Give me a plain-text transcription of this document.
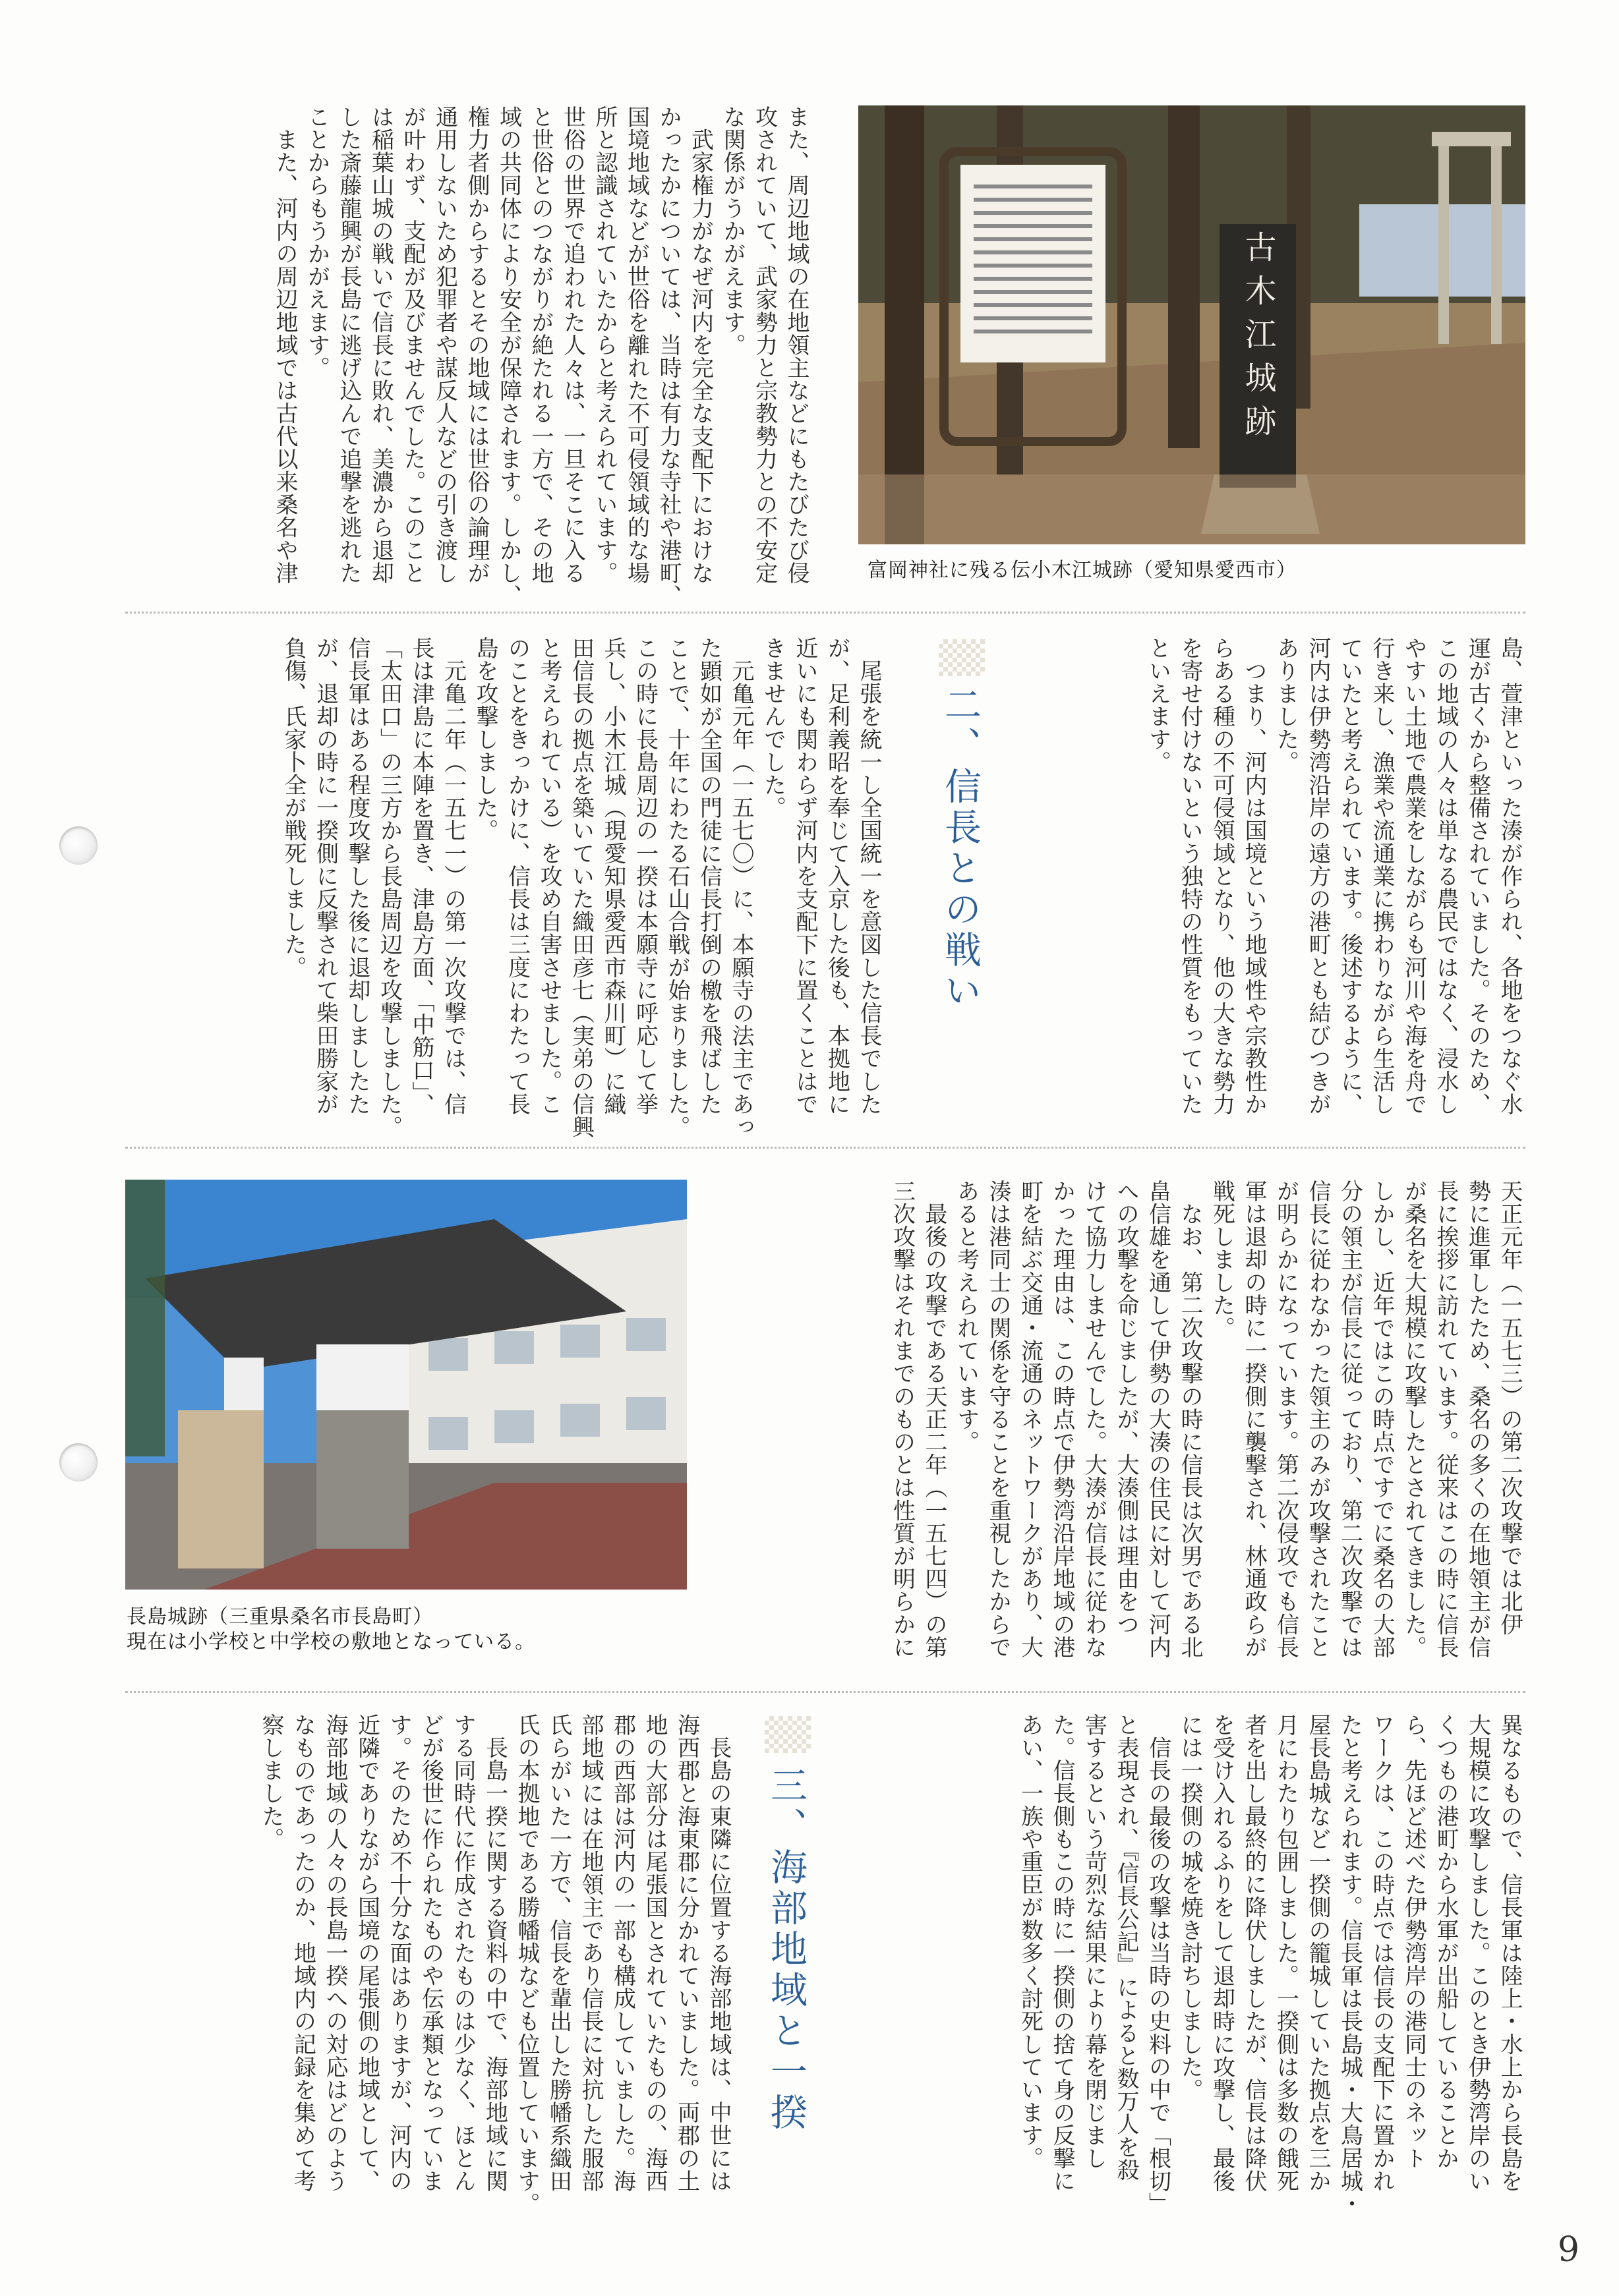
古木江城跡
富岡神社に残る伝小木江城跡（愛知県愛西市）
また、周辺地域の在地領主などにもたびたび侵
攻されていて、武家勢力と宗教勢力との不安定
な関係がうかがえます。
　武家権力がなぜ河内を完全な支配下におけな
かったかについては、当時は有力な寺社や港町、
国境地域などが世俗を離れた不可侵領域的な場
所と認識されていたからと考えられています。
世俗の世界で追われた人々は、一旦そこに入る
と世俗とのつながりが絶たれる一方で、その地
域の共同体により安全が保障されます。しかし、
権力者側からするとその地域には世俗の論理が
通用しないため犯罪者や謀反人などの引き渡し
が叶わず、支配が及びませんでした。このこと
は稲葉山城の戦いで信長に敗れ、美濃から退却
した斎藤龍興が長島に逃げ込んで追撃を逃れた
ことからもうかがえます。
　また、河内の周辺地域では古代以来桑名や津
島、萱津といった湊が作られ、各地をつなぐ水
運が古くから整備されていました。そのため、
この地域の人々は単なる農民ではなく、浸水し
やすい土地で農業をしながらも河川や海を舟で
行き来し、漁業や流通業に携わりながら生活し
ていたと考えられています。後述するように、
河内は伊勢湾沿岸の遠方の港町とも結びつきが
ありました。
　つまり、河内は国境という地域性や宗教性か
らある種の不可侵領域となり、他の大きな勢力
を寄せ付けないという独特の性質をもっていた
といえます。
二、信長との戦い
　尾張を統一し全国統一を意図した信長でした
が、足利義昭を奉じて入京した後も、本拠地に
近いにも関わらず河内を支配下に置くことはで
きませんでした。
　元亀元年（一五七〇）に、本願寺の法主であっ
た顕如が全国の門徒に信長打倒の檄を飛ばした
ことで、十年にわたる石山合戦が始まりました。
この時に長島周辺の一揆は本願寺に呼応して挙
兵し、小木江城（現愛知県愛西市森川町）に織
田信長の拠点を築いていた織田彦七（実弟の信興
と考えられている）を攻め自害させました。こ
のことをきっかけに、信長は三度にわたって長
島を攻撃しました。
　元亀二年（一五七一）の第一次攻撃では、信
長は津島に本陣を置き、津島方面、「中筋口」、
「太田口」の三方から長島周辺を攻撃しました。
信長軍はある程度攻撃した後に退却しましたた
が、退却の時に一揆側に反撃されて柴田勝家が
負傷、氏家卜全が戦死しました。
長島城跡（三重県桑名市長島町）
現在は小学校と中学校の敷地となっている。
天正元年（一五七三）の第二次攻撃では北伊
勢に進軍したため、桑名の多くの在地領主が信
長に挨拶に訪れています。従来はこの時に信長
が桑名を大規模に攻撃したとされてきました。
しかし、近年ではこの時点ですでに桑名の大部
分の領主が信長に従っており、第二次攻撃では
信長に従わなかった領主のみが攻撃されたこと
が明らかになっています。第二次侵攻でも信長
軍は退却の時に一揆側に襲撃され、林通政らが
戦死しました。
　なお、第二次攻撃の時に信長は次男である北
畠信雄を通して伊勢の大湊の住民に対して河内
への攻撃を命じましたが、大湊側は理由をつ
けて協力しませんでした。大湊が信長に従わな
かった理由は、この時点で伊勢湾沿岸地域の港
町を結ぶ交通・流通のネットワークがあり、大
湊は港同士の関係を守ることを重視したからで
あると考えられています。
　最後の攻撃である天正二年（一五七四）の第
三次攻撃はそれまでのものとは性質が明らかに
異なるもので、信長軍は陸上・水上から長島を
大規模に攻撃しました。このとき伊勢湾岸のい
くつもの港町から水軍が出船していることか
ら、先ほど述べた伊勢湾岸の港同士のネット
ワークは、この時点では信長の支配下に置かれ
たと考えられます。信長軍は長島城・大鳥居城・
屋長島城など一揆側の籠城していた拠点を三か
月にわたり包囲しました。一揆側は多数の餓死
者を出し最終的に降伏しましたが、信長は降伏
を受け入れるふりをして退却時に攻撃し、最後
には一揆側の城を焼き討ちしました。
　信長の最後の攻撃は当時の史料の中で「根切」
と表現され、『信長公記』によると数万人を殺
害するという苛烈な結果により幕を閉じまし
た。信長側もこの時に一揆側の捨て身の反撃に
あい、一族や重臣が数多く討死しています。
三、海部地域と一揆
　長島の東隣に位置する海部地域は、中世には
海西郡と海東郡に分かれていました。両郡の土
地の大部分は尾張国とされていたものの、海西
郡の西部は河内の一部も構成していました。海
部地域には在地領主であり信長に対抗した服部
氏らがいた一方で、信長を輩出した勝幡系織田
氏の本拠地である勝幡城なども位置しています。
　長島一揆に関する資料の中で、海部地域に関
する同時代に作成されたものは少なく、ほとん
どが後世に作られたものや伝承類となっていま
す。そのため不十分な面はありますが、河内の
近隣でありながら国境の尾張側の地域として、
海部地域の人々の長島一揆への対応はどのよう
なものであったのか、地域内の記録を集めて考
察しました。
9
